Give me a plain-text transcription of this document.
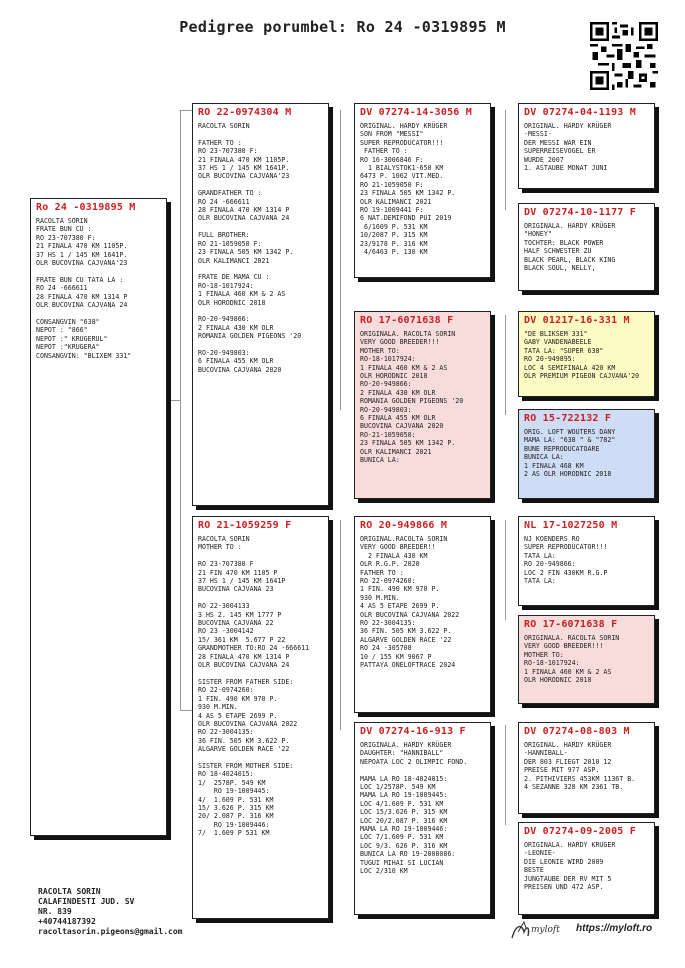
Pedigree porumbel: Ro 24 -0319895 M
Ro 24 -0319895 M
RACOLTA SORIN
FRATE BUN CU :
RO 23-707380 F:
21 FINALA 470 KM 1105P.
37 HS 1 / 145 KM 1641P.
OLR BUCOVINA CAJVANA'23

FRATE BUN CU TATA LA :
RO 24 -666611
28 FINALA 470 KM 1314 P
OLR BUCOVINA CAJVANA 24

CONSANGVIN "638"
NEPOT : "866"
NEPOT :" KRUGERUL"
NEPOT :"KRUGERA"
CONSANGVIN: "BLIXEM 331"
RO 22-0974304 M
RACOLTA SORIN

FATHER TO :
RO 23-707380 F:
21 FINALA 470 KM 1105P.
37 HS 1 / 145 KM 1641P.
OLR BUCOVINA CAJVANA'23

GRANDFATHER TO :
RO 24 -666611
28 FINALA 470 KM 1314 P
OLR BUCOVINA CAJVANA 24

FULL BROTHER:
RO 21-1059050 F:
23 FINALA 505 KM 1342 P.
OLR KALIMANCI 2021

FRATE DE MAMA CU :
RO-18-1017924:
1 FINALA 460 KM & 2 AS
OLR HORODNIC 2018

RO-20-949866:
2 FINALA 430 KM OLR
ROMANIA GOLDEN PIGEONS '20

RO-20-949803:
6 FINALA 455 KM OLR
BUCOVINA CAJVANA 2020
RO 21-1059259 F
RACOLTA SORIN
MOTHER TO :

RO 23-707380 F
21 FIN 470 KM 1105 P
37 HS 1 / 145 KM 1641P
BUCOVINA CAJVANA 23

RO 22-3004133
3 HS 2. 145 KM 1777 P
BUCOVINA CAJVANA 22
RO 23 -3004142
15/ 361 KM  5.677 P 22
GRANDMOTHER TO:RO 24 -666611
28 FINALA 470 KM 1314 P
OLR BUCOVINA CAJVANA 24

SISTER FROM FATHER SIDE:
RO 22-0974260:
1 FIN. 490 KM 970 P.
930 M.MIN.
4 AS 5 ETAPE 2699 P.
OLR BUCOVINA CAJVANA 2022
RO 22-3004135:
36 FIN. 505 KM 3.622 P.
ALGARVE GOLDEN RACE '22

SISTER FROM MOTHER SIDE:
RO 18-4024015:
1/  2578P. 549 KM
RO 19-1009445:
4/  1.609 P. 531 KM
15/ 3.626 P. 315 KM
20/ 2.087 P. 316 KM
RO 19-1009446:
7/  1.609 P 531 KM
DV 07274-14-3056 M
ORIGINAL. HARDY KRÜGER
SON FROM "MESSI"
SUPER REPRODUCATOR!!!
FATHER TO :
RO 16-3006846 F:
1 BIALYSTOK1-650 KM
6473 P. 1062 VIT.MED.
RO 21-1059050 F:
23 FINALA 505 KM 1342 P.
OLR KALIMANCI 2021
RO 19-1009441 F:
6 NAT.DEMIFOND PUI 2019
6/1609 P. 531 KM
10/2087 P. 315 KM
23/9178 P. 316 KM
4/6463 P. 130 KM
RO 17-6071638 F
ORIGINALA. RACOLTA SORIN
VERY GOOD BREEDER!!!
MOTHER TO:
RO-18-1017924:
1 FINALA 460 KM & 2 AS
OLR HORODNIC 2018
RO-20-949866:
2 FINALA 430 KM OLR
ROMANIA GOLDEN PIGEONS '20
RO-20-949803:
6 FINALA 455 KM OLR
BUCOVINA CAJVANA 2020
RO-21-1059050:
23 FINALA 505 KM 1342 P.
OLR KALIMANCI 2021
BUNICA LA:
RO 20-949866 M
ORIGINAL.RACOLTA SORIN
VERY GOOD BREEDER!!
2 FINALA 430 KM
OLR R.G.P. 2020
FATHER TO :
RO 22-0974260:
1 FIN. 490 KM 970 P.
930 M.MIN.
4 AS 5 ETAPE 2699 P.
OLR BUCOVINA CAJVANA 2022
RO 22-3004135:
36 FIN. 505 KM 3.622 P.
ALGARVE GOLDEN RACE '22
RO 24 -305708
10 / 155 KM 9067 P
PATTAYA ONELOFTRACE 2024
DV 07274-16-913 F
ORIGINALA. HARDY KRÜGER
DAUGHTER: "HANNIBALL"
NEPOATA LOC 2 OLIMPIC FOND.

MAMA LA RO 18-4024015:
LOC 1/2578P. 549 KM
MAMA LA RO 19-1009445:
LOC 4/1.609 P. 531 KM
LOC 15/3.626 P. 315 KM
LOC 20/2.087 P. 316 KM
MAMA LA RO 19-1009446:
LOC 7/1.609 P. 531 KM
LOC 9/3. 626 P. 316 KM
BUNICA LA RO 19-2008086:
TUGUI MIHAI SI LUCIAN
LOC 2/310 KM
DV 07274-04-1193 M
ORIGINAL. HARDY KRÜGER
-MESSI-
DER MESSI WAR EIN
SUPERREISEVOGEL ER
WURDE 2007
1. ASTAUBE MONAT JUNI
DV 07274-10-1177 F
ORIGINALA. HARDY KRÜGER
"HONEY"
TOCHTER: BLACK POWER
HALF SCHWESTER ZU
BLACK PEARL, BLACK KING
BLACK SOUL, NELLY,
DV 01217-16-331 M
"DE BLIKSEM 331"
GABY VANDENABEELE
TATA LA: "SUPER 638"
RO 20-949895:
LOC 4 SEMIFINALA 420 KM
OLR PREMIUM PIGEON CAJVANA'20
RO 15-722132 F
ORIG. LOFT WOUTERS DANY
MAMA LA: "638 " & "782"
BUNE REPRODUCATOARE
BUNICA LA:
1 FINALA 468 KM
2 AS OLR HORODNIC 2018
NL 17-1027250 M
NJ KOENDERS RO
SUPER REPRODUCATOR!!!
TATA LA:
RO 20-949866:
LOC 2 FIN 430KM R.G.P
TATA LA:
RO 17-6071638 F
ORIGINALA. RACOLTA SORIN
VERY GOOD BREEDER!!!
MOTHER TO:
RO-18-1017924:
1 FINALA 460 KM & 2 AS
OLR HORODNIC 2018
DV 07274-08-803 M
ORIGINAL. HARDY KRÜGER
-HANNIBALL-
DER 803 FLIEGT 2010 12
PREISE MIT 977 ASP.
2. PITHIVIERS 453KM 1136T B.
4 SEZANNE 328 KM 2361 TB.
DV 07274-09-2005 F
ORIGINALA. HARDY KRUGER
-LEONIE-
DIE LEONIE WIRD 2009
BESTE
JUNGTAUBE DER RV MIT 5
PREISEN UND 472 ASP.
RACOLTA SORIN
CALAFINDESTI JUD. SV
NR. 839
+40744187392
racoltasorin.pigeons@gmail.com	myloft https://myloft.ro
